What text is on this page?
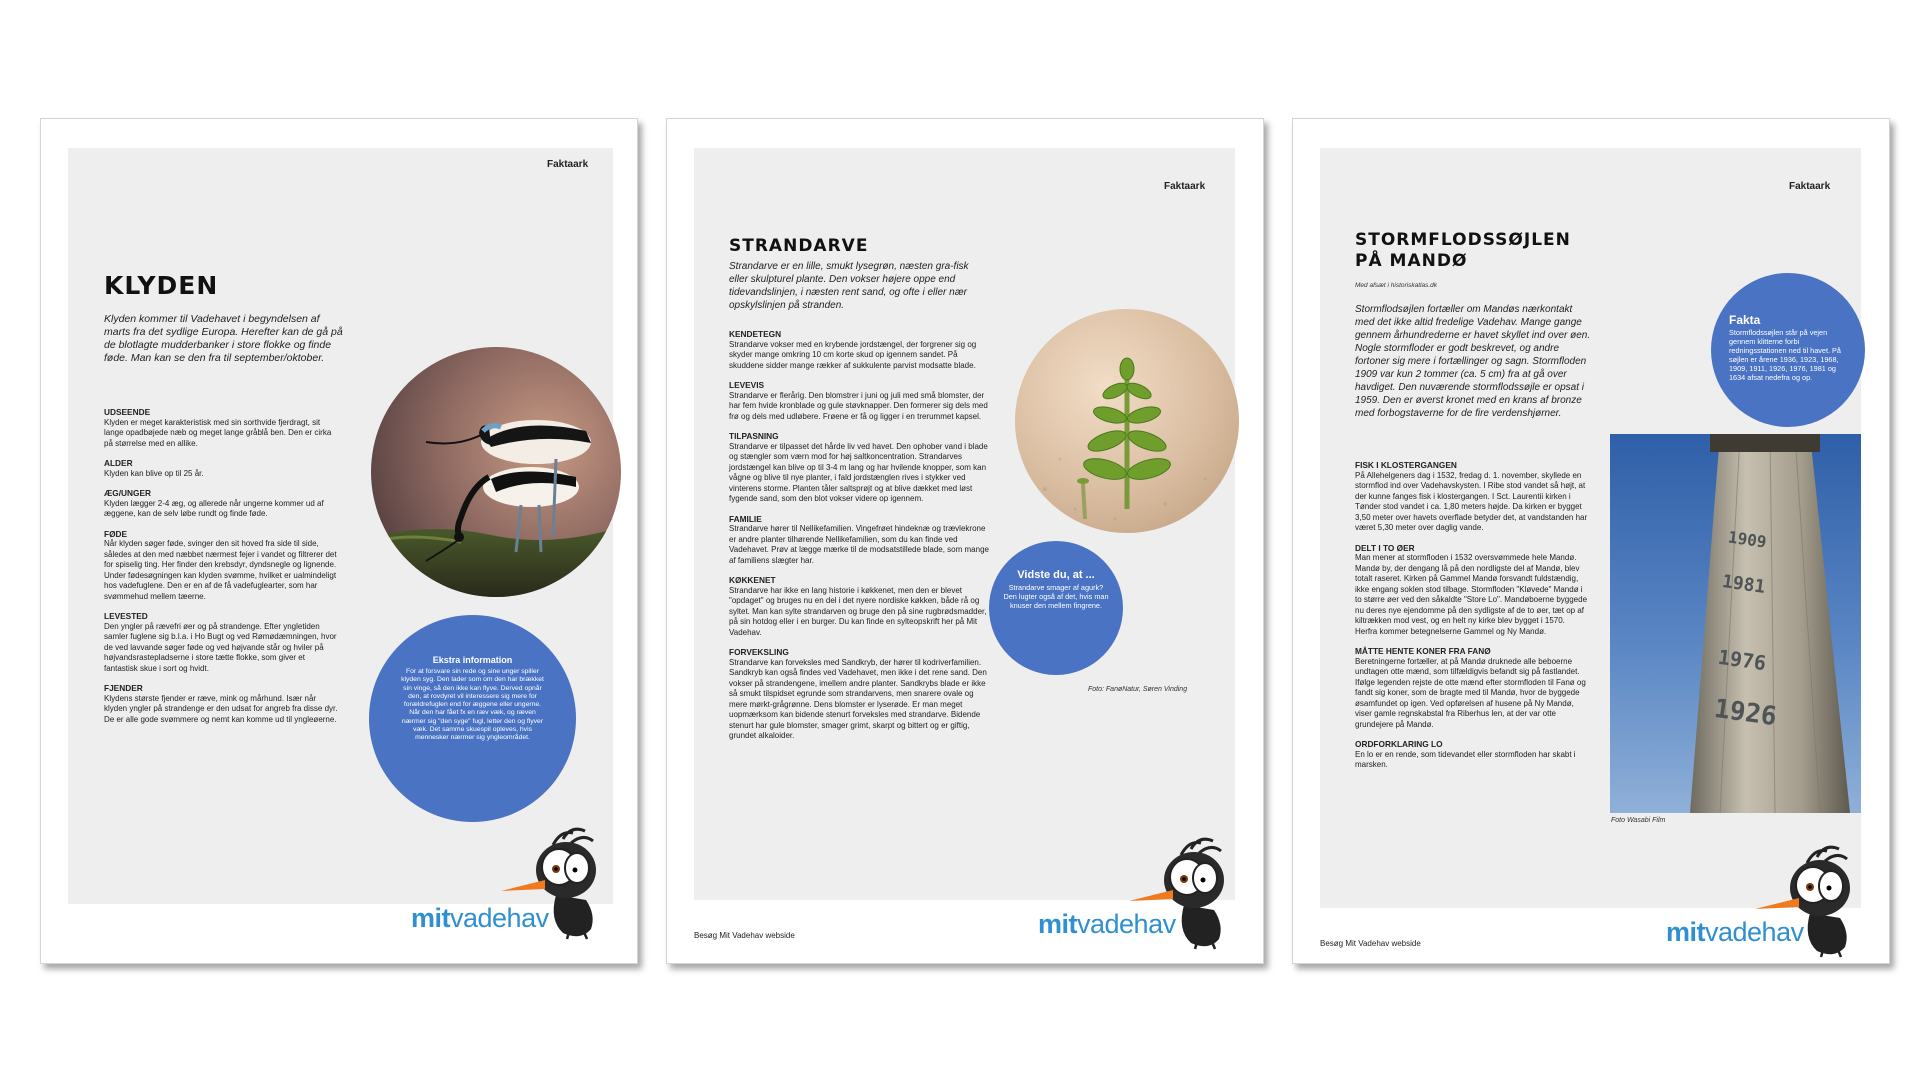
Faktaark
KLYDEN
Klyden kommer til Vadehavet i begyndelsen af marts fra det sydlige Europa. Herefter kan de gå på de blotlagte mudderbanker i store flokke og finde føde. Man kan se den fra til september/oktober.
UDSEENDE
Klyden er meget karakteristisk med sin sorthvide fjerdragt, sit lange opadbøjede næb og meget lange gråblå ben. Den er cirka på størrelse med en allike.
ALDER
Klyden kan blive op til 25 år.
ÆG/UNGER
Klyden lægger 2-4 æg, og allerede når ungerne kommer ud af æggene, kan de selv løbe rundt og finde føde.
FØDE
Når klyden søger føde, svinger den sit hoved fra side til side, således at den med næbbet nærmest fejer i vandet og filtrerer det for spiselig ting. Her finder den krebsdyr, dyndsnegle og lignende. Under fødesøgningen kan klyden svømme, hvilket er ualmindeligt hos vadefuglene. Den er en af de få vadefuglearter, som har svømmehud mellem tæerne.
LEVESTED
Den yngler på rævefri øer og på strandenge. Efter yngletiden samler fuglene sig b.l.a. i Ho Bugt og ved Rømødæmningen, hvor de ved lavvande søger føde og ved højvande står og hviler på højvandsrastepladserne i store tætte flokke, som giver et fantastisk skue i sort og hvidt.
FJENDER
Klydens største fjender er ræve, mink og mårhund. Især når klyden yngler på strandenge er den udsat for angreb fra disse dyr. De er alle gode svømmere og nemt kan komme ud til yngleøerne.
Ekstra information
For at forsvare sin rede og sine unger spiller klyden syg. Den lader som om den har brækket sin vinge, så den ikke kan flyve. Derved opnår den, at rovdyret vil interessere sig mere for forældrefuglen end for æggene eller ungerne. Når den har fået fx en ræv væk, og ræven nærmer sig "den syge" fugl, letter den og flyver væk. Det samme skuespil opleves, hvis mennesker nærmer sig yngleområdet.
mitvadehav
Faktaark
STRANDARVE
Strandarve er en lille, smukt lysegrøn, næsten gra-fisk eller skulpturel plante. Den vokser højere oppe end tidevandslinjen, i næsten rent sand, og ofte i eller nær opskylslinjen på stranden.
KENDETEGN
Strandarve vokser med en krybende jordstængel, der forgrener sig og skyder mange omkring 10 cm korte skud op igennem sandet. På skuddene sidder mange rækker af sukkulente parvist modsatte blade.
LEVEVIS
Strandarve er flerårig. Den blomstrer i juni og juli med små blomster, der har fem hvide kronblade og gule støvknapper. Den formerer sig dels med frø og dels med udløbere. Frøene er få og ligger i en trerummet kapsel.
TILPASNING
Strandarve er tilpasset det hårde liv ved havet. Den ophober vand i blade og stængler som værn mod for høj saltkoncentration. Strandarves jordstængel kan blive op til 3-4 m lang og har hvilende knopper, som kan vågne og blive til nye planter, i fald jordstænglen rives i stykker ved vinterens storme. Planten tåler saltsprøjt og at blive dækket med løst fygende sand, som den blot vokser videre op igennem.
FAMILIE
Strandarve hører til Nellikefamilien. Vingefrøet hindeknæ og trævlekrone er andre planter tilhørende Nellikefamilien, som du kan finde ved Vadehavet. Prøv at lægge mærke til de modsatstillede blade, som mange af familiens slægter har.
KØKKENET
Strandarve har ikke en lang historie i køkkenet, men den er blevet "opdaget" og bruges nu en del i det nyere nordiske køkken, både rå og syltet. Man kan sylte strandarven og bruge den på sine rugbrødsmadder, på sin hotdog eller i en burger. Du kan finde en sylteopskrift her på Mit Vadehav.
FORVEKSLING
Strandarve kan forveksles med Sandkryb, der hører til kodriverfamilien. Sandkryb kan også findes ved Vadehavet, men ikke i det rene sand. Den vokser på strandengene, imellem andre planter. Sandkrybs blade er ikke så smukt tilspidset egrunde som strandarvens, men snarere ovale og mere mørkt-grågrønne. Dens blomster er lyserøde. Er man meget uopmærksom kan bidende stenurt forveksles med strandarve. Bidende stenurt har gule blomster, smager grimt, skarpt og bittert og er giftig, grundet alkaloider.
Vidste du, at ...
Strandarve smager af agurk? Den lugter også af det, hvis man knuser den mellem fingrene.
Foto: FanøNatur, Søren Vinding
Besøg Mit Vadehav webside	mitvadehav
Faktaark
STORMFLODSSØJLEN
PÅ MANDØ
Med afsæt i historiskatlas.dk
Stormflodsøjlen fortæller om Mandøs nærkontakt med det ikke altid fredelige Vadehav. Mange gange gennem århundrederne er havet skyllet ind over øen. Nogle stormfloder er godt beskrevet, og andre fortoner sig mere i fortællinger og sagn. Stormfloden 1909 var kun 2 tommer (ca. 5 cm) fra at gå over havdiget. Den nuværende stormflodssøjle er opsat i 1959. Den er øverst kronet med en krans af bronze med forbogstaverne for de fire verdenshjørner.
FISK I KLOSTERGANGEN
På Allehelgeners dag i 1532, fredag d. 1. november, skyllede en stormflod ind over Vadehavskysten. I Ribe stod vandet så højt, at der kunne fanges fisk i klostergangen. I Sct. Laurentii kirken i Tønder stod vandet i ca. 1,80 meters højde. Da kirken er bygget 3,50 meter over havets overflade betyder det, at vandstanden har været 5,30 meter over daglig vande.
DELT I TO ØER
Man mener at stormfloden i 1532 oversvømmede hele Mandø. Mandø by, der dengang lå på den nordligste del af Mandø, blev totalt raseret. Kirken på Gammel Mandø forsvandt fuldstændig, ikke engang soklen stod tilbage. Stormfloden "Kløvede" Mandø i to større øer ved den såkaldte "Store Lo". Mandøboerne byggede nu deres nye ejendomme på den sydligste af de to øer, tæt op af kiltrækken mod vest, og en helt ny kirke blev bygget i 1570. Herfra kommer betegnelserne Gammel og Ny Mandø.
MÅTTE HENTE KONER FRA FANØ
Beretningerne fortæller, at på Mandø druknede alle beboerne undtagen otte mænd, som tilfældigvis befandt sig på fastlandet. Ifølge legenden rejste de otte mænd efter stormfloden til Fanø og fandt sig koner, som de bragte med til Mandø, hvor de byggede øsamfundet op igen. Ved opførelsen af husene på Ny Mandø, viser gamle regnskabstal fra Riberhus len, at der var otte grundejere på Mandø.
ORDFORKLARING LO
En lo er en rende, som tidevandet eller stormfloden har skabt i marsken.
1909
1981
1976
1926
Fakta
Stormflodssøjlen står på vejen gennem klitterne forbi redningsstationen ned til havet. På søjlen er årene 1936, 1923, 1968, 1909, 1911, 1926, 1976, 1981 og 1634 afsat nedefra og op.
Foto Wasabi Film
Besøg Mit Vadehav webside	mitvadehav
